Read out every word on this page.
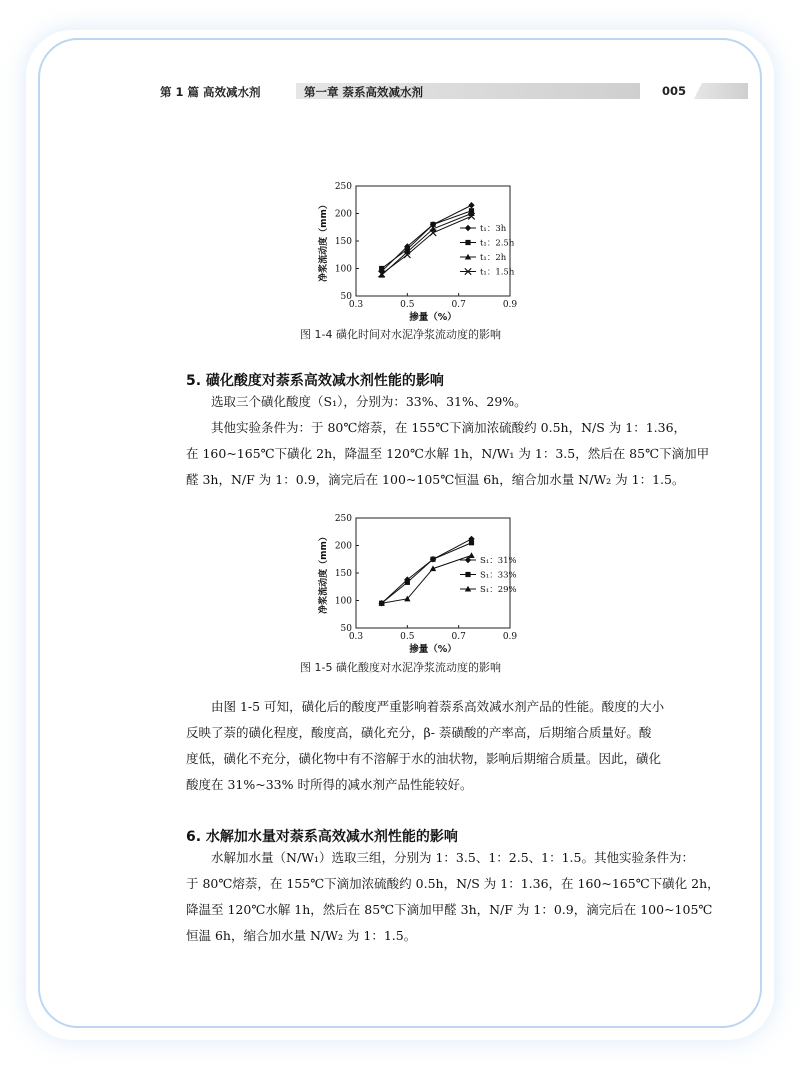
第 1 篇 高效减水剂	第一章 萘系高效减水剂	005
50
100
150
200
250
0.3	0.5	0.7	0.9
掺量（%）
净浆流动度（mm）	t₁：3h
t₁：2.5h
t₁：2h
t₁：1.5h
图 1-4 磺化时间对水泥净浆流动度的影响
5. 磺化酸度对萘系高效减水剂性能的影响
选取三个磺化酸度（S₁），分别为：33%、31%、29%。
其他实验条件为：于 80℃熔萘，在 155℃下滴加浓硫酸约 0.5h，N/S 为 1：1.36，
在 160~165℃下磺化 2h，降温至 120℃水解 1h，N/W₁ 为 1：3.5，然后在 85℃下滴加甲
醛 3h，N/F 为 1：0.9，滴完后在 100~105℃恒温 6h，缩合加水量 N/W₂ 为 1：1.5。
50
100
150
200
250
0.3	0.5	0.7	0.9
掺量（%）
净浆流动度（mm）	S₁：31%
S₁：33%
S₁：29%
图 1-5 磺化酸度对水泥净浆流动度的影响
由图 1-5 可知，磺化后的酸度严重影响着萘系高效减水剂产品的性能。酸度的大小
反映了萘的磺化程度，酸度高，磺化充分，β- 萘磺酸的产率高，后期缩合质量好。酸
度低，磺化不充分，磺化物中有不溶解于水的油状物，影响后期缩合质量。因此，磺化
酸度在 31%~33% 时所得的减水剂产品性能较好。
6. 水解加水量对萘系高效减水剂性能的影响
水解加水量（N/W₁）选取三组，分别为 1：3.5、1：2.5、1：1.5。其他实验条件为：
于 80℃熔萘，在 155℃下滴加浓硫酸约 0.5h，N/S 为 1：1.36，在 160~165℃下磺化 2h，
降温至 120℃水解 1h，然后在 85℃下滴加甲醛 3h，N/F 为 1：0.9，滴完后在 100~105℃
恒温 6h，缩合加水量 N/W₂ 为 1：1.5。
